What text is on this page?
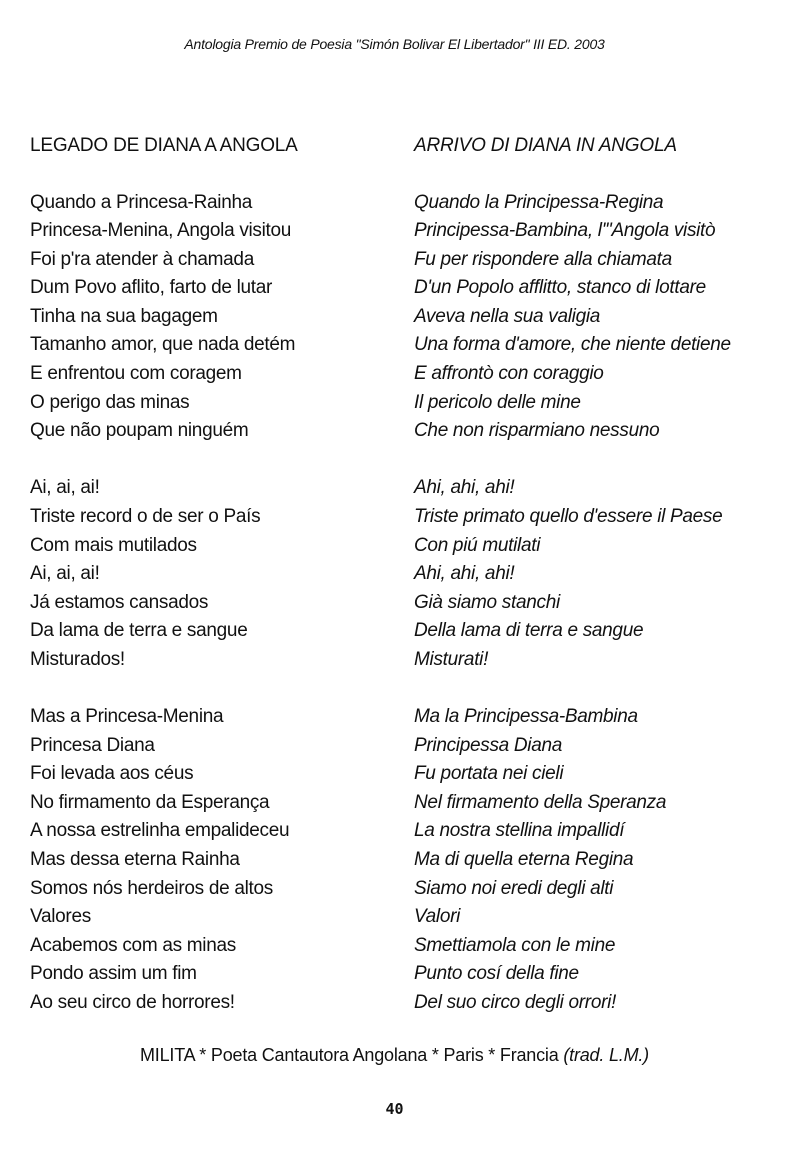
Antologia Premio de Poesia "Simón Bolivar El Libertador" III ED. 2003
LEGADO DE DIANA A ANGOLA
Quando a Princesa-Rainha
Princesa-Menina, Angola visitou
Foi p'ra atender à chamada
Dum Povo aflito, farto de lutar
Tinha na sua bagagem
Tamanho amor, que nada detém
E enfrentou com coragem
O perigo das minas
Que não poupam ninguém
Ai, ai, ai!
Triste record o de ser o País
Com mais mutilados
Ai, ai, ai!
Já estamos cansados
Da lama de terra e sangue
Misturados!
Mas a Princesa-Menina
Princesa Diana
Foi levada aos céus
No firmamento da Esperança
A nossa estrelinha empalideceu
Mas dessa eterna Rainha
Somos nós herdeiros de altos
Valores
Acabemos com as minas
Pondo assim um fim
Ao seu circo de horrores!
ARRIVO DI DIANA IN ANGOLA
Quando la Principessa-Regina
Principessa-Bambina, l'"Angola visitò
Fu per rispondere alla chiamata
D'un Popolo afflitto, stanco di lottare
Aveva nella sua valigia
Una forma d'amore, che niente detiene
E affrontò con coraggio
Il pericolo delle mine
Che non risparmiano nessuno
Ahi, ahi, ahi!
Triste primato quello d'essere il Paese
Con piú mutilati
Ahi, ahi, ahi!
Già siamo stanchi
Della lama di terra e sangue
Misturati!
Ma la Principessa-Bambina
Principessa Diana
Fu portata nei cieli
Nel firmamento della Speranza
La nostra stellina impallidí
Ma di quella eterna Regina
Siamo noi eredi degli alti
Valori
Smettiamola con le mine
Punto cosí della fine
Del suo circo degli orrori!
MILITA * Poeta Cantautora Angolana * Paris * Francia (trad. L.M.)
40
